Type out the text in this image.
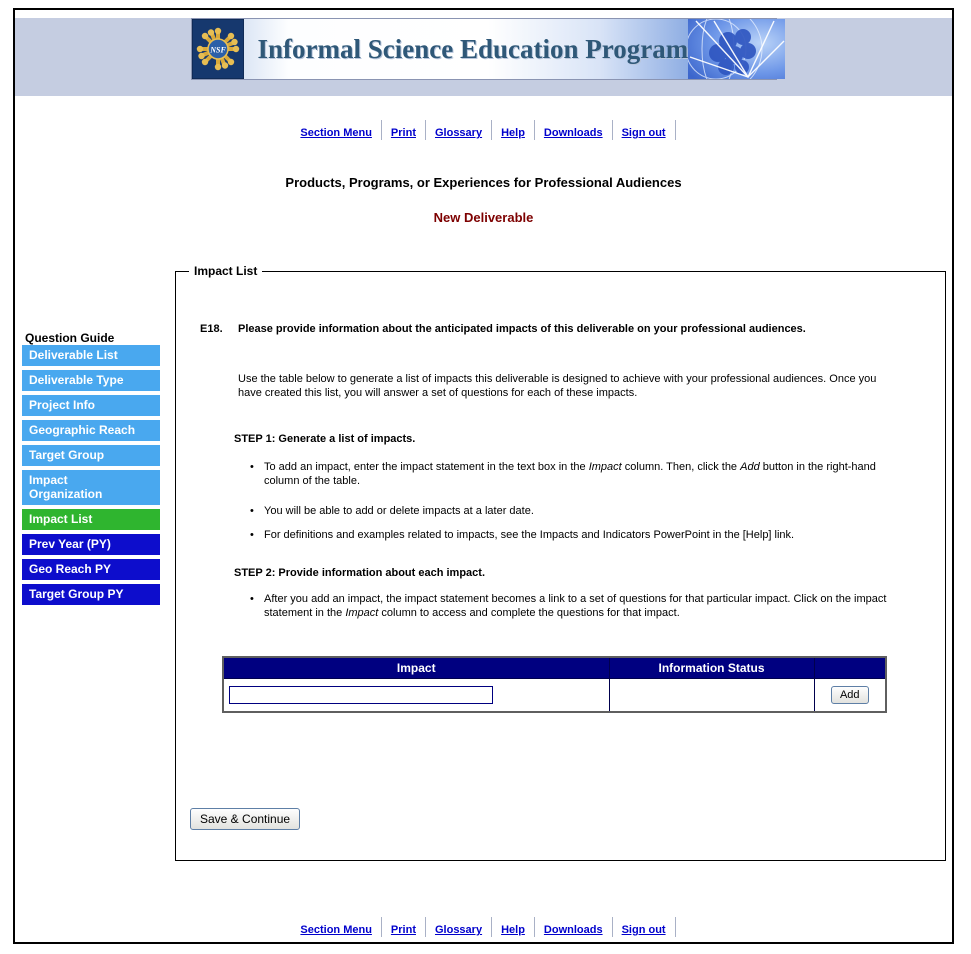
NSF	Informal Science Education Program
Section Menu Print Glossary Help Downloads Sign out
Products, Programs, or Experiences for Professional Audiences
New Deliverable
Question Guide
Deliverable List
Deliverable Type
Project Info
Geographic Reach
Target Group
Impact Organization
Impact List
Prev Year (PY)
Geo Reach PY
Target Group PY
Impact List
E18.	Please provide information about the anticipated impacts of this deliverable on your professional audiences.
Use the table below to generate a list of impacts this deliverable is designed to achieve with your professional audiences. Once you have created this list, you will answer a set of questions for each of these impacts.
STEP 1: Generate a list of impacts.
• To add an impact, enter the impact statement in the text box in the Impact column. Then, click the Add button in the right-hand column of the table.
• You will be able to add or delete impacts at a later date.
• For definitions and examples related to impacts, see the Impacts and Indicators PowerPoint in the [Help] link.
STEP 2: Provide information about each impact.
• After you add an impact, the impact statement becomes a link to a set of questions for that particular impact. Click on the impact statement in the Impact column to access and complete the questions for that impact.
Impact	Information Status	
		Add
Save & Continue
Section Menu Print Glossary Help Downloads Sign out
